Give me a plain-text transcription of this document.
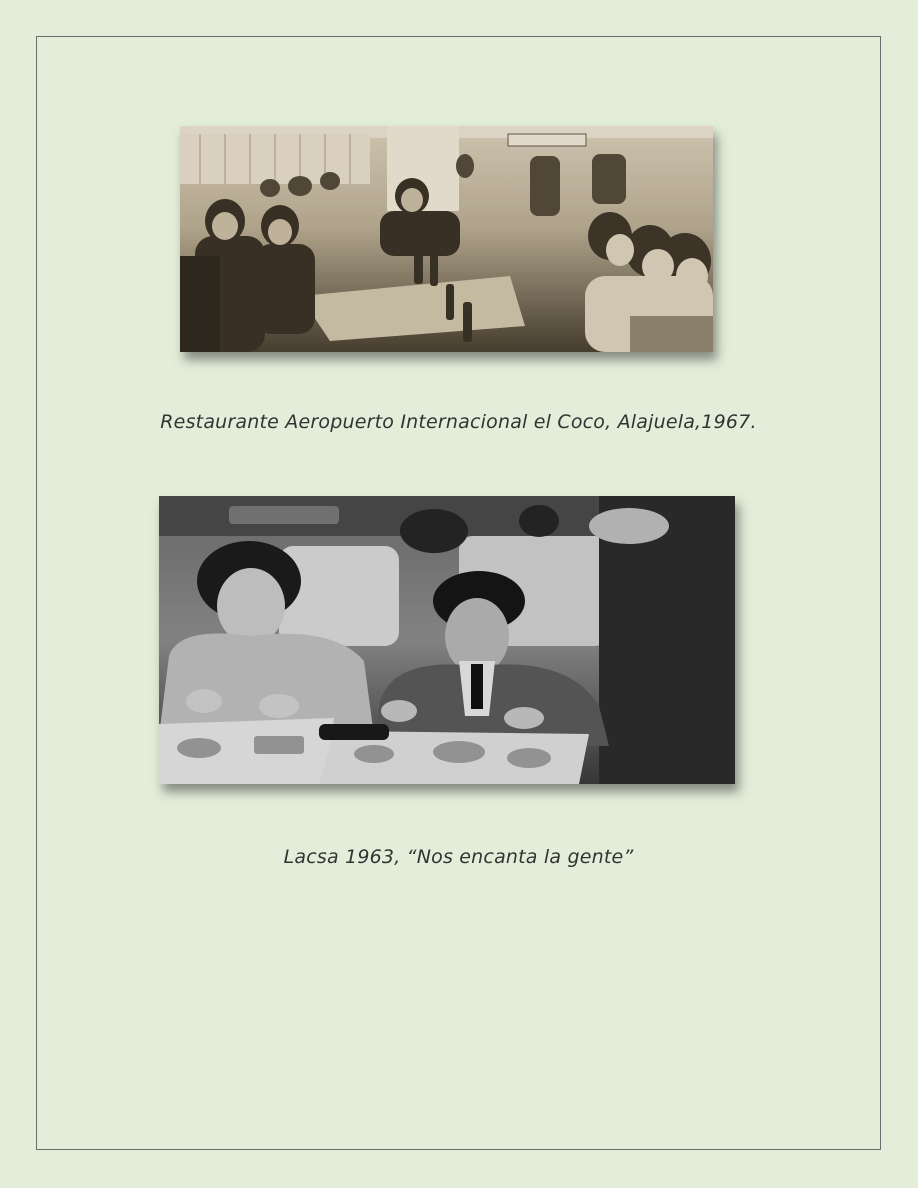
Restaurante Aeropuerto Internacional el Coco, Alajuela,1967.
Lacsa 1963, “Nos encanta la gente”
